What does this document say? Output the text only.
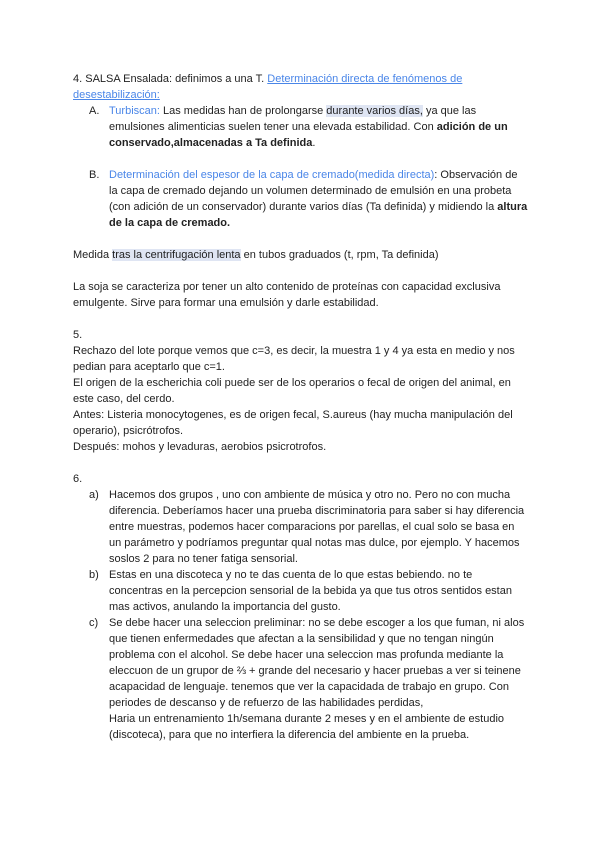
4. SALSA Ensalada: definimos a una T. Determinación directa de fenómenos de desestabilización:

A. Turbiscan: Las medidas han de prolongarse durante varios días, ya que las emulsiones alimenticias suelen tener una elevada estabilidad. Con adición de un conservado,almacenadas a Ta definida.
B. Determinación del espesor de la capa de cremado(medida directa): Observación de la capa de cremado dejando un volumen determinado de emulsión en una probeta (con adición de un conservador) durante varios días (Ta definida) y midiendo la altura de la capa de cremado.

Medida tras la centrifugación lenta en tubos graduados (t, rpm, Ta definida)

La soja se caracteriza por tener un alto contenido de proteínas con capacidad exclusiva emulgente. Sirve para formar una emulsión y darle estabilidad.

5.

Rechazo del lote porque vemos que c=3, es decir, la muestra 1 y 4 ya esta en medio y nos pedian para aceptarlo que c=1.

El origen de la escherichia coli puede ser de los operarios o fecal de origen del animal, en este caso, del cerdo.

Antes: Listeria monocytogenes, es de origen fecal, S.aureus (hay mucha manipulación del operario), psicrótrofos.

Después: mohos y levaduras, aerobios psicrotrofos.

6.

a) Hacemos dos grupos , uno con ambiente de música y otro no. Pero no con mucha diferencia. Deberíamos hacer una prueba discriminatoria para saber si hay diferencia entre muestras, podemos hacer comparacions por parellas, el cual solo se basa en un parámetro y podríamos preguntar qual notas mas dulce, por ejemplo. Y hacemos soslos 2 para no tener fatiga sensorial.
b) Estas en una discoteca y no te das cuenta de lo que estas bebiendo. no te concentras en la percepcion sensorial de la bebida ya que tus otros sentidos estan mas activos, anulando la importancia del gusto.
c) Se debe hacer una seleccion preliminar: no se debe escoger a los que fuman, ni alos que tienen enfermedades que afectan a la sensibilidad y que no tengan ningún problema con el alcohol. Se debe hacer una seleccion mas profunda mediante la eleccuon de un grupor de ⅔ + grande del necesario y hacer pruebas a ver si teinene acapacidad de lenguaje. tenemos que ver la capacidada de trabajo en grupo. Con periodes de descanso y de refuerzo de las habilidades perdidas,
Haria un entrenamiento 1h/semana durante 2 meses y en el ambiente de estudio (discoteca), para que no interfiera la diferencia del ambiente en la prueba.
